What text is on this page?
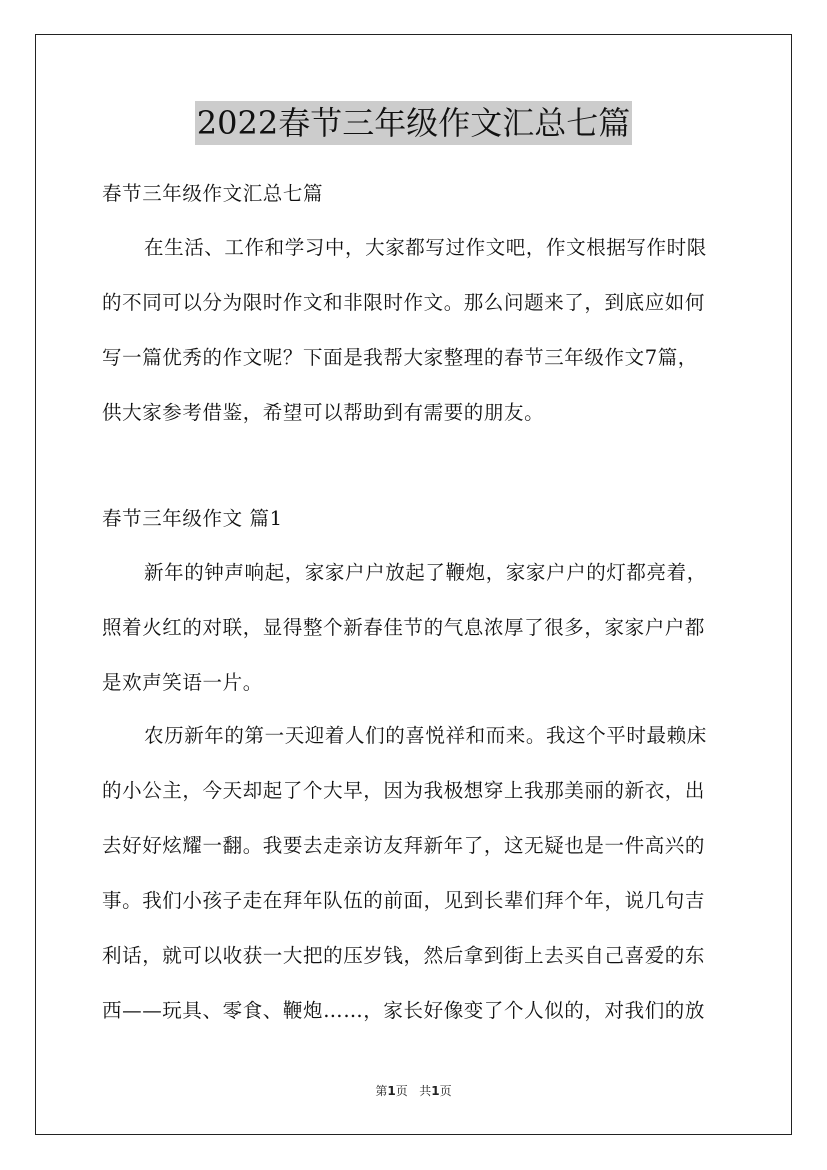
2022春节三年级作文汇总七篇
春节三年级作文汇总七篇
在生活、工作和学习中，大家都写过作文吧，作文根据写作时限
的不同可以分为限时作文和非限时作文。那么问题来了，到底应如何
写一篇优秀的作文呢？下面是我帮大家整理的春节三年级作文7篇，
供大家参考借鉴，希望可以帮助到有需要的朋友。
春节三年级作文 篇1
新年的钟声响起，家家户户放起了鞭炮，家家户户的灯都亮着，
照着火红的对联，显得整个新春佳节的气息浓厚了很多，家家户户都
是欢声笑语一片。
农历新年的第一天迎着人们的喜悦祥和而来。我这个平时最赖床
的小公主，今天却起了个大早，因为我极想穿上我那美丽的新衣，出
去好好炫耀一翻。我要去走亲访友拜新年了，这无疑也是一件高兴的
事。我们小孩子走在拜年队伍的前面，见到长辈们拜个年，说几句吉
利话，就可以收获一大把的压岁钱，然后拿到街上去买自己喜爱的东
西——玩具、零食、鞭炮……，家长好像变了个人似的，对我们的放
第1页 共1页
